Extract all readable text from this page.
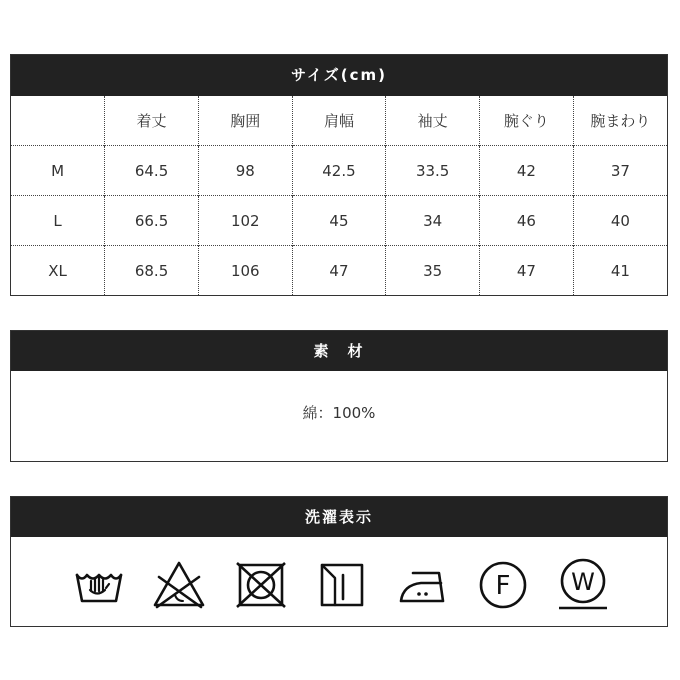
サイズ(cm)
	着丈	胸囲	肩幅	袖丈	腕ぐり	腕まわり
M	64.5	98	42.5	33.5	42	37
L	66.5	102	45	34	46	40
XL	68.5	106	47	35	47	41
素　材
綿：100%
洗濯表示
F	W
